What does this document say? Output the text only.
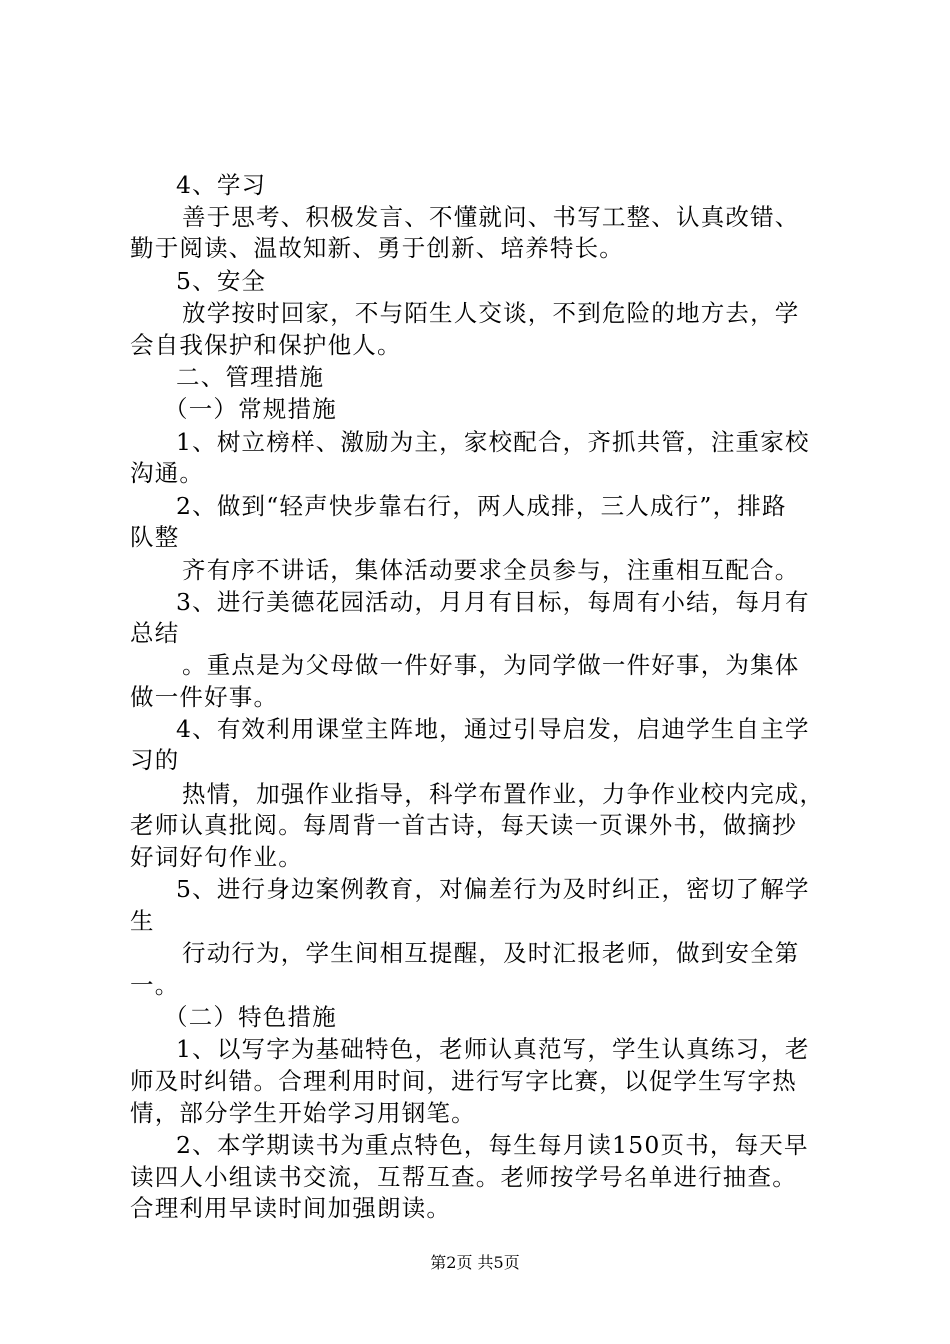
4、学习
善于思考、积极发言、不懂就问、书写工整、认真改错、
勤于阅读、温故知新、勇于创新、培养特长。
5、安全
放学按时回家，不与陌生人交谈，不到危险的地方去，学
会自我保护和保护他人。
二、管理措施
（一）常规措施
1、树立榜样、激励为主，家校配合，齐抓共管，注重家校
沟通。
2、做到“轻声快步靠右行，两人成排，三人成行”，排路
队整
齐有序不讲话，集体活动要求全员参与，注重相互配合。
3、进行美德花园活动，月月有目标，每周有小结，每月有
总结
。重点是为父母做一件好事，为同学做一件好事，为集体
做一件好事。
4、有效利用课堂主阵地，通过引导启发，启迪学生自主学
习的
热情，加强作业指导，科学布置作业，力争作业校内完成，
老师认真批阅。每周背一首古诗，每天读一页课外书，做摘抄
好词好句作业。
5、进行身边案例教育，对偏差行为及时纠正，密切了解学
生
行动行为，学生间相互提醒，及时汇报老师，做到安全第
一。
（二）特色措施
1、以写字为基础特色，老师认真范写，学生认真练习，老
师及时纠错。合理利用时间，进行写字比赛，以促学生写字热
情，部分学生开始学习用钢笔。
2、本学期读书为重点特色，每生每月读150页书，每天早
读四人小组读书交流，互帮互查。老师按学号名单进行抽查。
合理利用早读时间加强朗读。
第2页 共5页
